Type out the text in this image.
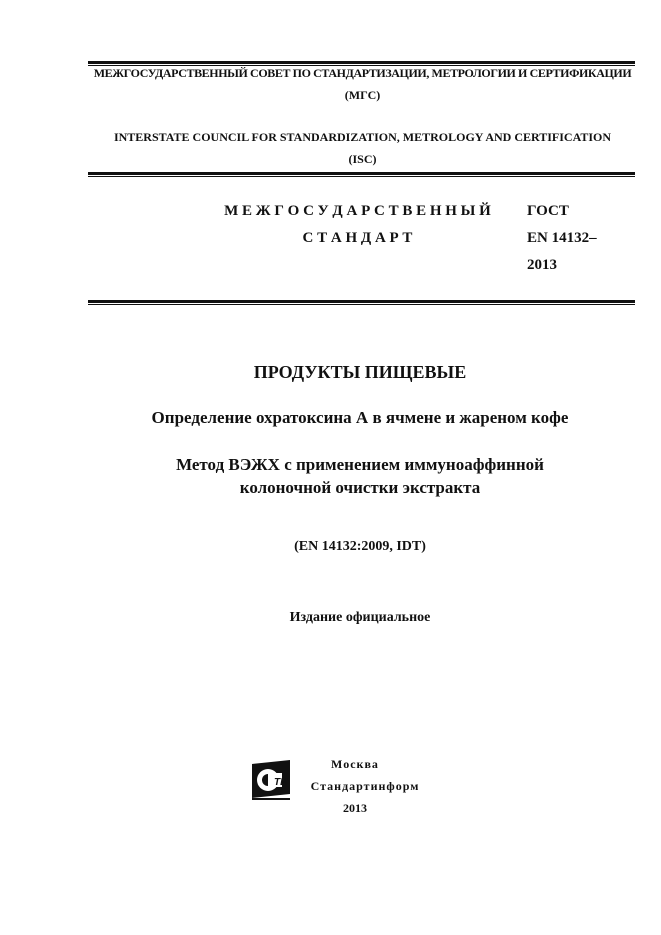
МЕЖГОСУДАРСТВЕННЫЙ СОВЕТ ПО СТАНДАРТИЗАЦИИ, МЕТРОЛОГИИ И СЕРТИФИКАЦИИ
(МГС)
INTERSTATE COUNCIL FOR STANDARDIZATION, METROLOGY AND CERTIFICATION
(ISC)
М Е Ж Г О С У Д А Р С Т В Е Н Н Ы Й
С Т А Н Д А Р Т
ГОСТ
EN 14132–
2013
ПРОДУКТЫ ПИЩЕВЫЕ
Определение охратоксина А в ячмене и жареном кофе
Метод ВЭЖХ с применением иммуноаффинной
колоночной очистки экстракта
(EN 14132:2009, IDT)
Издание официальное
ТИ
Москва
Стандартинформ
2013
